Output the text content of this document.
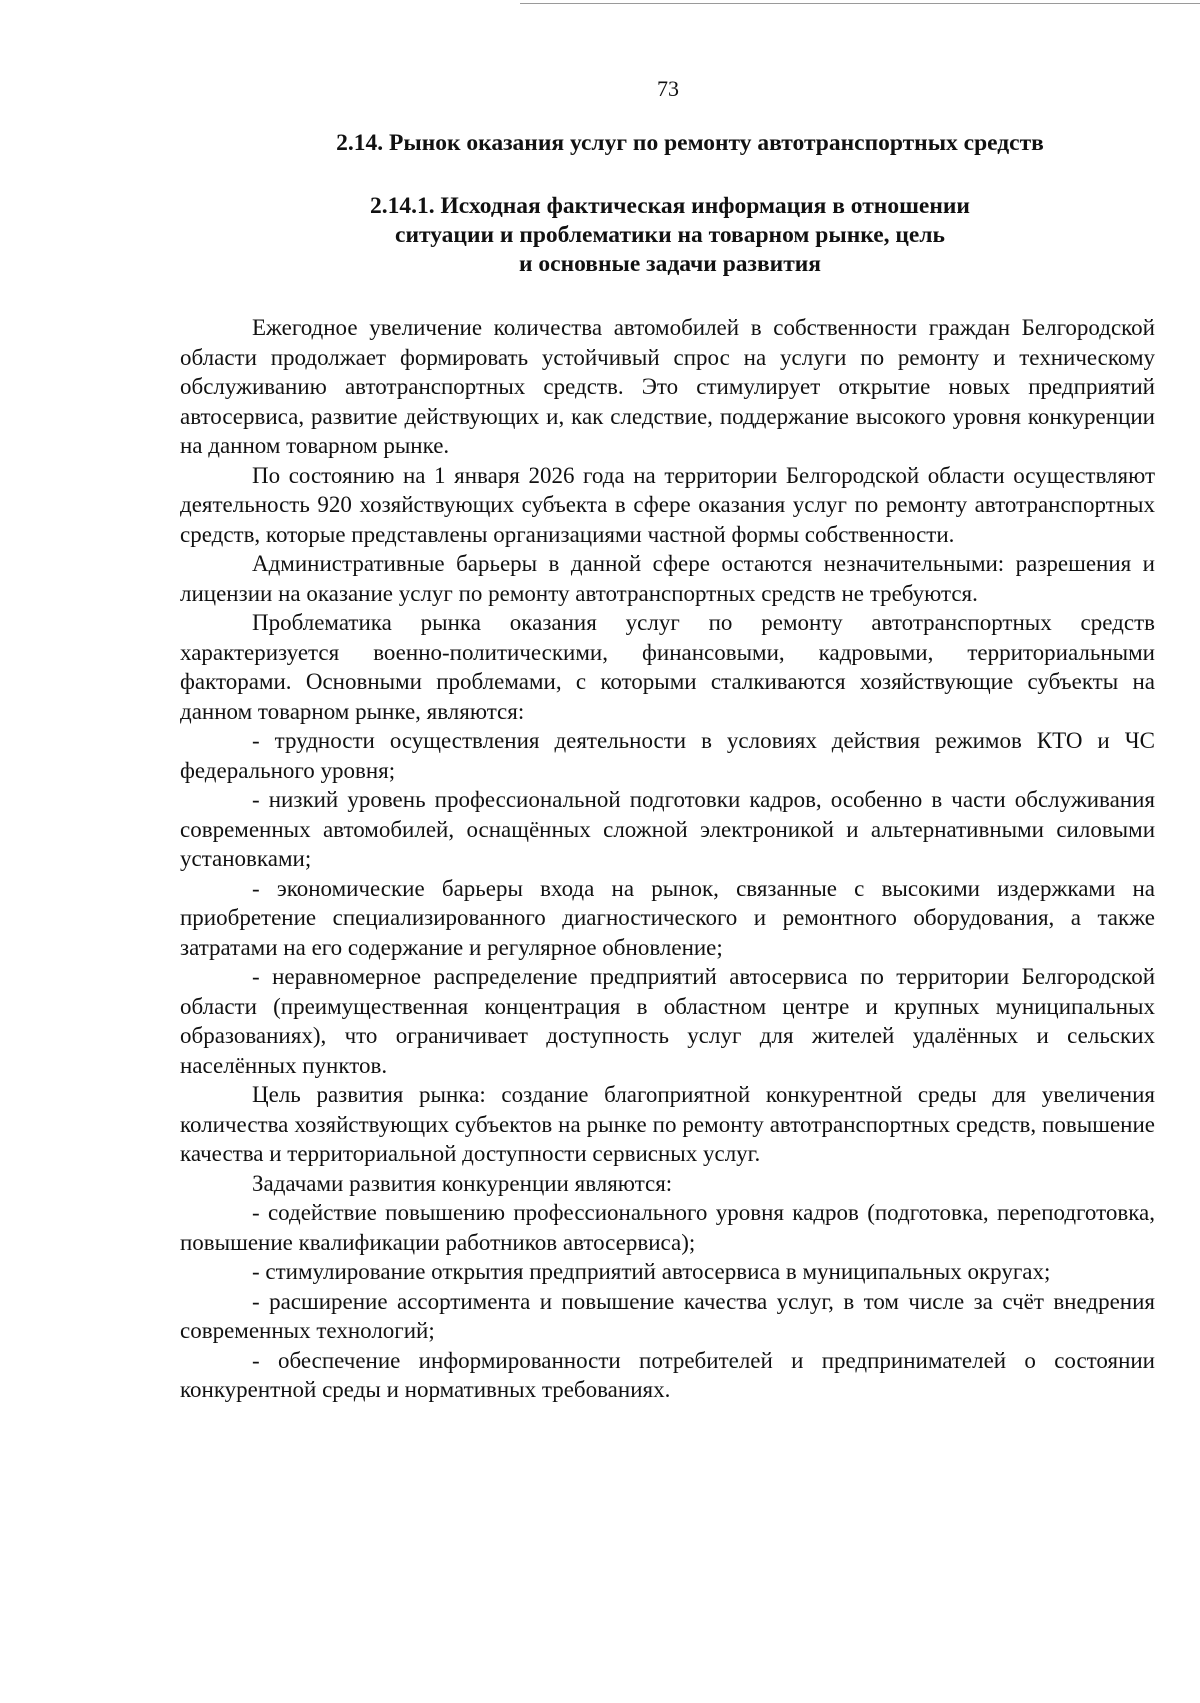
73
2.14. Рынок оказания услуг по ремонту автотранспортных средств
2.14.1. Исходная фактическая информация в отношении
ситуации и проблематики на товарном рынке, цель
и основные задачи развития

Ежегодное увеличение количества автомобилей в собственности граждан Белгородской области продолжает формировать устойчивый спрос на услуги по ремонту и техническому обслуживанию автотранспортных средств. Это стимулирует открытие новых предприятий автосервиса, развитие действующих и, как следствие, поддержание высокого уровня конкуренции на данном товарном рынке.

По состоянию на 1 января 2026 года на территории Белгородской области осуществляют деятельность 920 хозяйствующих субъекта в сфере оказания услуг по ремонту автотранспортных средств, которые представлены организациями частной формы собственности.

Административные барьеры в данной сфере остаются незначительными: разрешения и лицензии на оказание услуг по ремонту автотранспортных средств не требуются.

Проблематика рынка оказания услуг по ремонту автотранспортных средств характеризуется военно-политическими, финансовыми, кадровыми, территориальными факторами. Основными проблемами, с которыми сталкиваются хозяйствующие субъекты на данном товарном рынке, являются:

- трудности осуществления деятельности в условиях действия режимов КТО и ЧС федерального уровня;

- низкий уровень профессиональной подготовки кадров, особенно в части обслуживания современных автомобилей, оснащённых сложной электроникой и альтернативными силовыми установками;

- экономические барьеры входа на рынок, связанные с высокими издержками на приобретение специализированного диагностического и ремонтного оборудования, а также затратами на его содержание и регулярное обновление;

- неравномерное распределение предприятий автосервиса по территории Белгородской области (преимущественная концентрация в областном центре и крупных муниципальных образованиях), что ограничивает доступность услуг для жителей удалённых и сельских населённых пунктов.

Цель развития рынка: создание благоприятной конкурентной среды для увеличения количества хозяйствующих субъектов на рынке по ремонту автотранспортных средств, повышение качества и территориальной доступности сервисных услуг.

Задачами развития конкуренции являются:

- содействие повышению профессионального уровня кадров (подготовка, переподготовка, повышение квалификации работников автосервиса);

- стимулирование открытия предприятий автосервиса в муниципальных округах;

- расширение ассортимента и повышение качества услуг, в том числе за счёт внедрения современных технологий;

- обеспечение информированности потребителей и предпринимателей о состоянии конкурентной среды и нормативных требованиях.
